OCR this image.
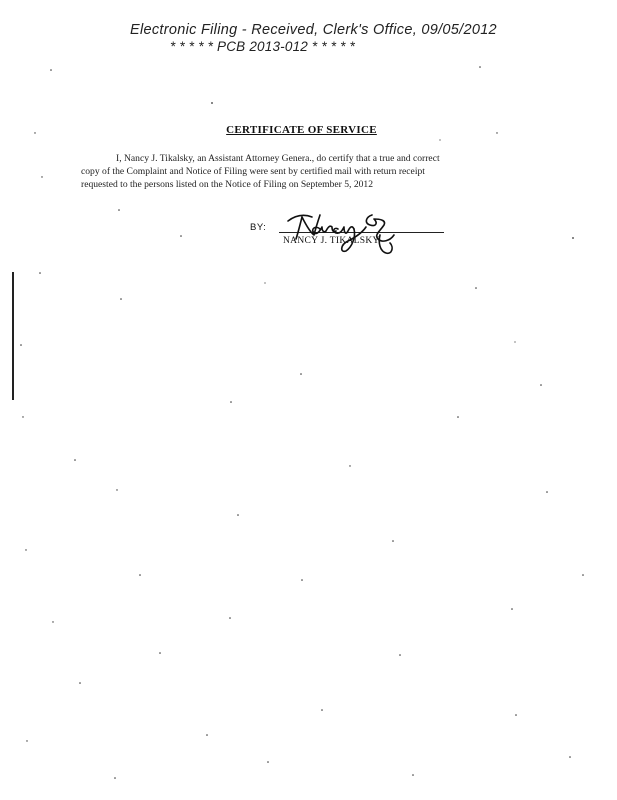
Electronic Filing - Received, Clerk's Office, 09/05/2012
* * * * * PCB 2013-012 * * * * *
CERTIFICATE OF SERVICE
I, Nancy J. Tikalsky, an Assistant Attorney Genera., do certify that a true and correct
copy of the Complaint and Notice of Filing were sent by certified mail with return receipt
requested to the persons listed on the Notice of Filing on September 5, 2012
BY:
NANCY J. TIKALSKY
